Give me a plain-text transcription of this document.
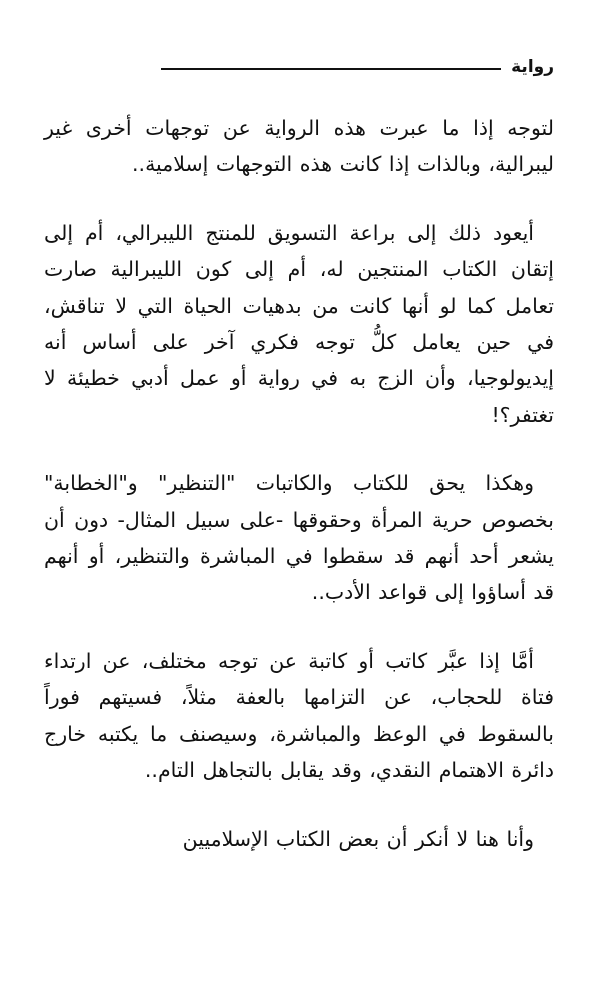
رواية

لتوجه إذا ما عبرت هذه الرواية عن توجهات أخرى غير ليبرالية، وبالذات إذا كانت هذه التوجهات إسلامية..

أيعود ذلك إلى براعة التسويق للمنتج الليبرالي، أم إلى إتقان الكتاب المنتجين له، أم إلى كون الليبرالية صارت تعامل كما لو أنها كانت من بدهيات الحياة التي لا تناقش، في حين يعامل كلُّ توجه فكري آخر على أساس أنه إيديولوجيا، وأن الزج به في رواية أو عمل أدبي خطيئة لا تغتفر؟!

وهكذا يحق للكتاب والكاتبات "التنظير" و"الخطابة" بخصوص حرية المرأة وحقوقها -على سبيل المثال- دون أن يشعر أحد أنهم قد سقطوا في المباشرة والتنظير، أو أنهم قد أساؤوا إلى قواعد الأدب..

أمَّا إذا عبَّر كاتب أو كاتبة عن توجه مختلف، عن ارتداء فتاة للحجاب، عن التزامها بالعفة مثلاً، فسيتهم فوراً بالسقوط في الوعظ والمباشرة، وسيصنف ما يكتبه خارج دائرة الاهتمام النقدي، وقد يقابل بالتجاهل التام..

وأنا هنا لا أنكر أن بعض الكتاب الإسلاميين
